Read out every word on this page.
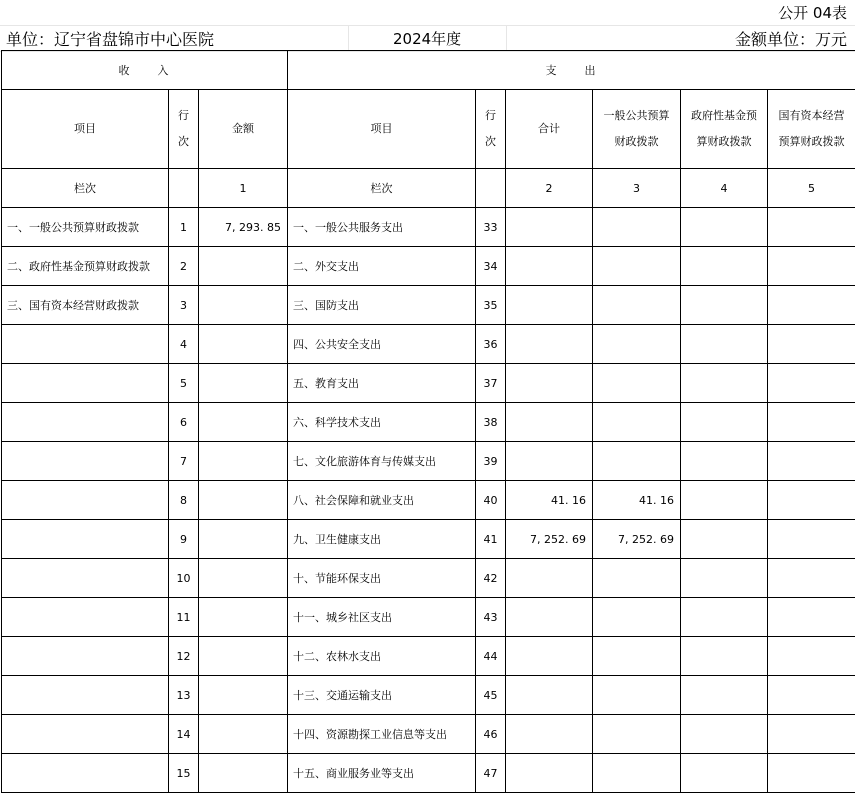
公开 04表
单位：辽宁省盘锦市中心医院	2024年度	金额单位：万元
收　　入			支　　出					
项目	行次	金额	项目	行次	合计	一般公共预算财政拨款	政府性基金预算财政拨款	国有资本经营预算财政拨款
栏次		1	栏次		2	3	4	5
一、一般公共预算财政拨款	1	7, 293. 85	一、一般公共服务支出	33				
二、政府性基金预算财政拨款	2		二、外交支出	34				
三、国有资本经营财政拨款	3		三、国防支出	35				
	4		四、公共安全支出	36				
	5		五、教育支出	37				
	6		六、科学技术支出	38				
	7		七、文化旅游体育与传媒支出	39				
	8		八、社会保障和就业支出	40	41. 16	41. 16		
	9		九、卫生健康支出	41	7, 252. 69	7, 252. 69		
	10		十、节能环保支出	42				
	11		十一、城乡社区支出	43				
	12		十二、农林水支出	44				
	13		十三、交通运输支出	45				
	14		十四、资源勘探工业信息等支出	46				
	15		十五、商业服务业等支出	47				
